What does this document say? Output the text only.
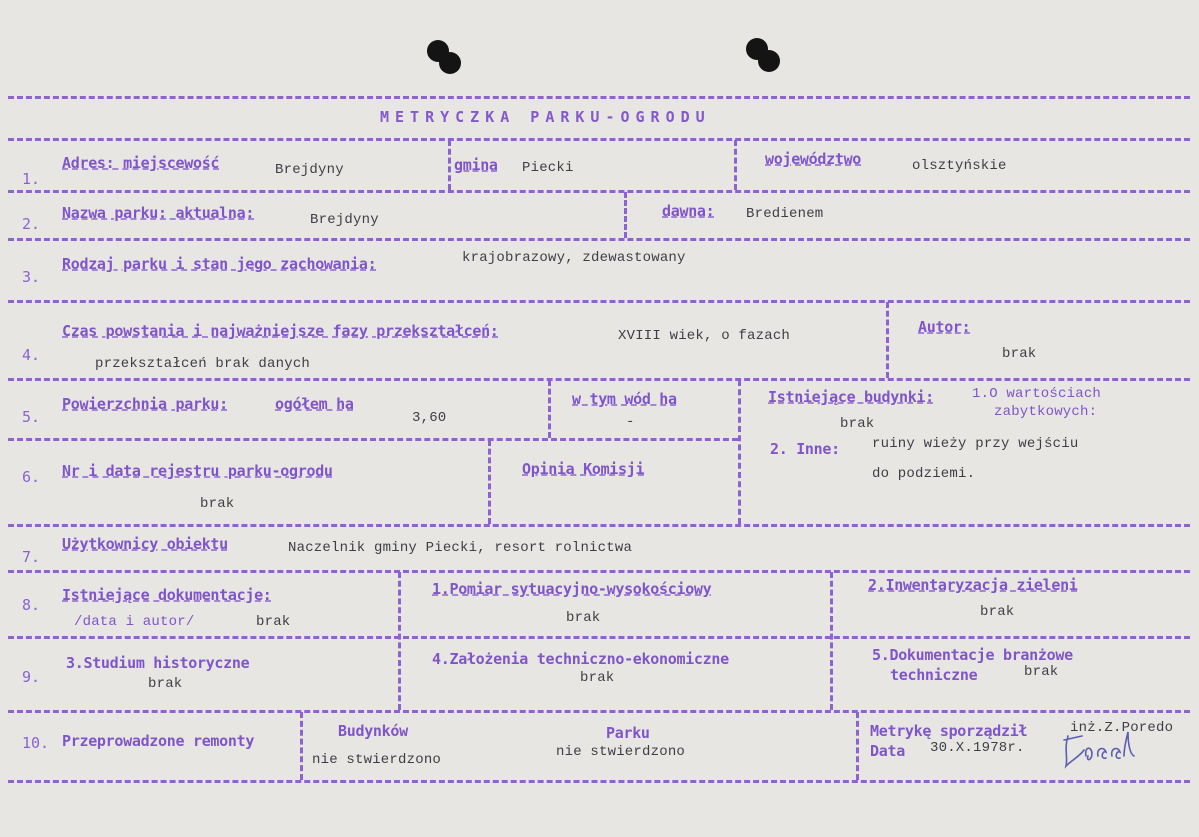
METRYCZKA PARKU-OGRODU
1.
Adres: miejscewość	Brejdyny	gmina Piecki	województwo	olsztyńskie
2.
Nazwa parku: aktualna:	Brejdyny	dawna: Bredienem
3.
Rodzaj parku i stan jego zachowania:	krajobrazowy, zdewastowany
4.
Czas powstania i najważniejsze fazy przekształceń:	XVIII wiek, o fazach
przekształceń brak danych
Autor:
brak
5.
Powierzchnia parku:	ogółem ha
3,60
w tym wód ha
-
Istniejące budynki:	1.O wartościach
zabytkowych:
brak
2. Inne: ruiny wieży przy wejściu
do podziemi.
6. Nr i data rejestru parku-ogrodu
brak
Opinia Komisji
7.
Użytkownicy obiektu	Naczelnik gminy Piecki, resort rolnictwa
8.
Istniejące dokumentacje:
/data i autor/	brak
1.Pomiar sytuacyjno-wysokościowy
brak
2.Inwentaryzacja zieleni
brak
9.
3.Studium historyczne
brak
4.Założenia techniczno-ekonomiczne
brak
5.Dokumentacje branżowe
techniczne	brak
10. Przeprowadzone remonty
Budynków
nie stwierdzono
Parku
nie stwierdzono
Metrykę sporządził	inż.Z.Poredo
Data 30.X.1978r.
